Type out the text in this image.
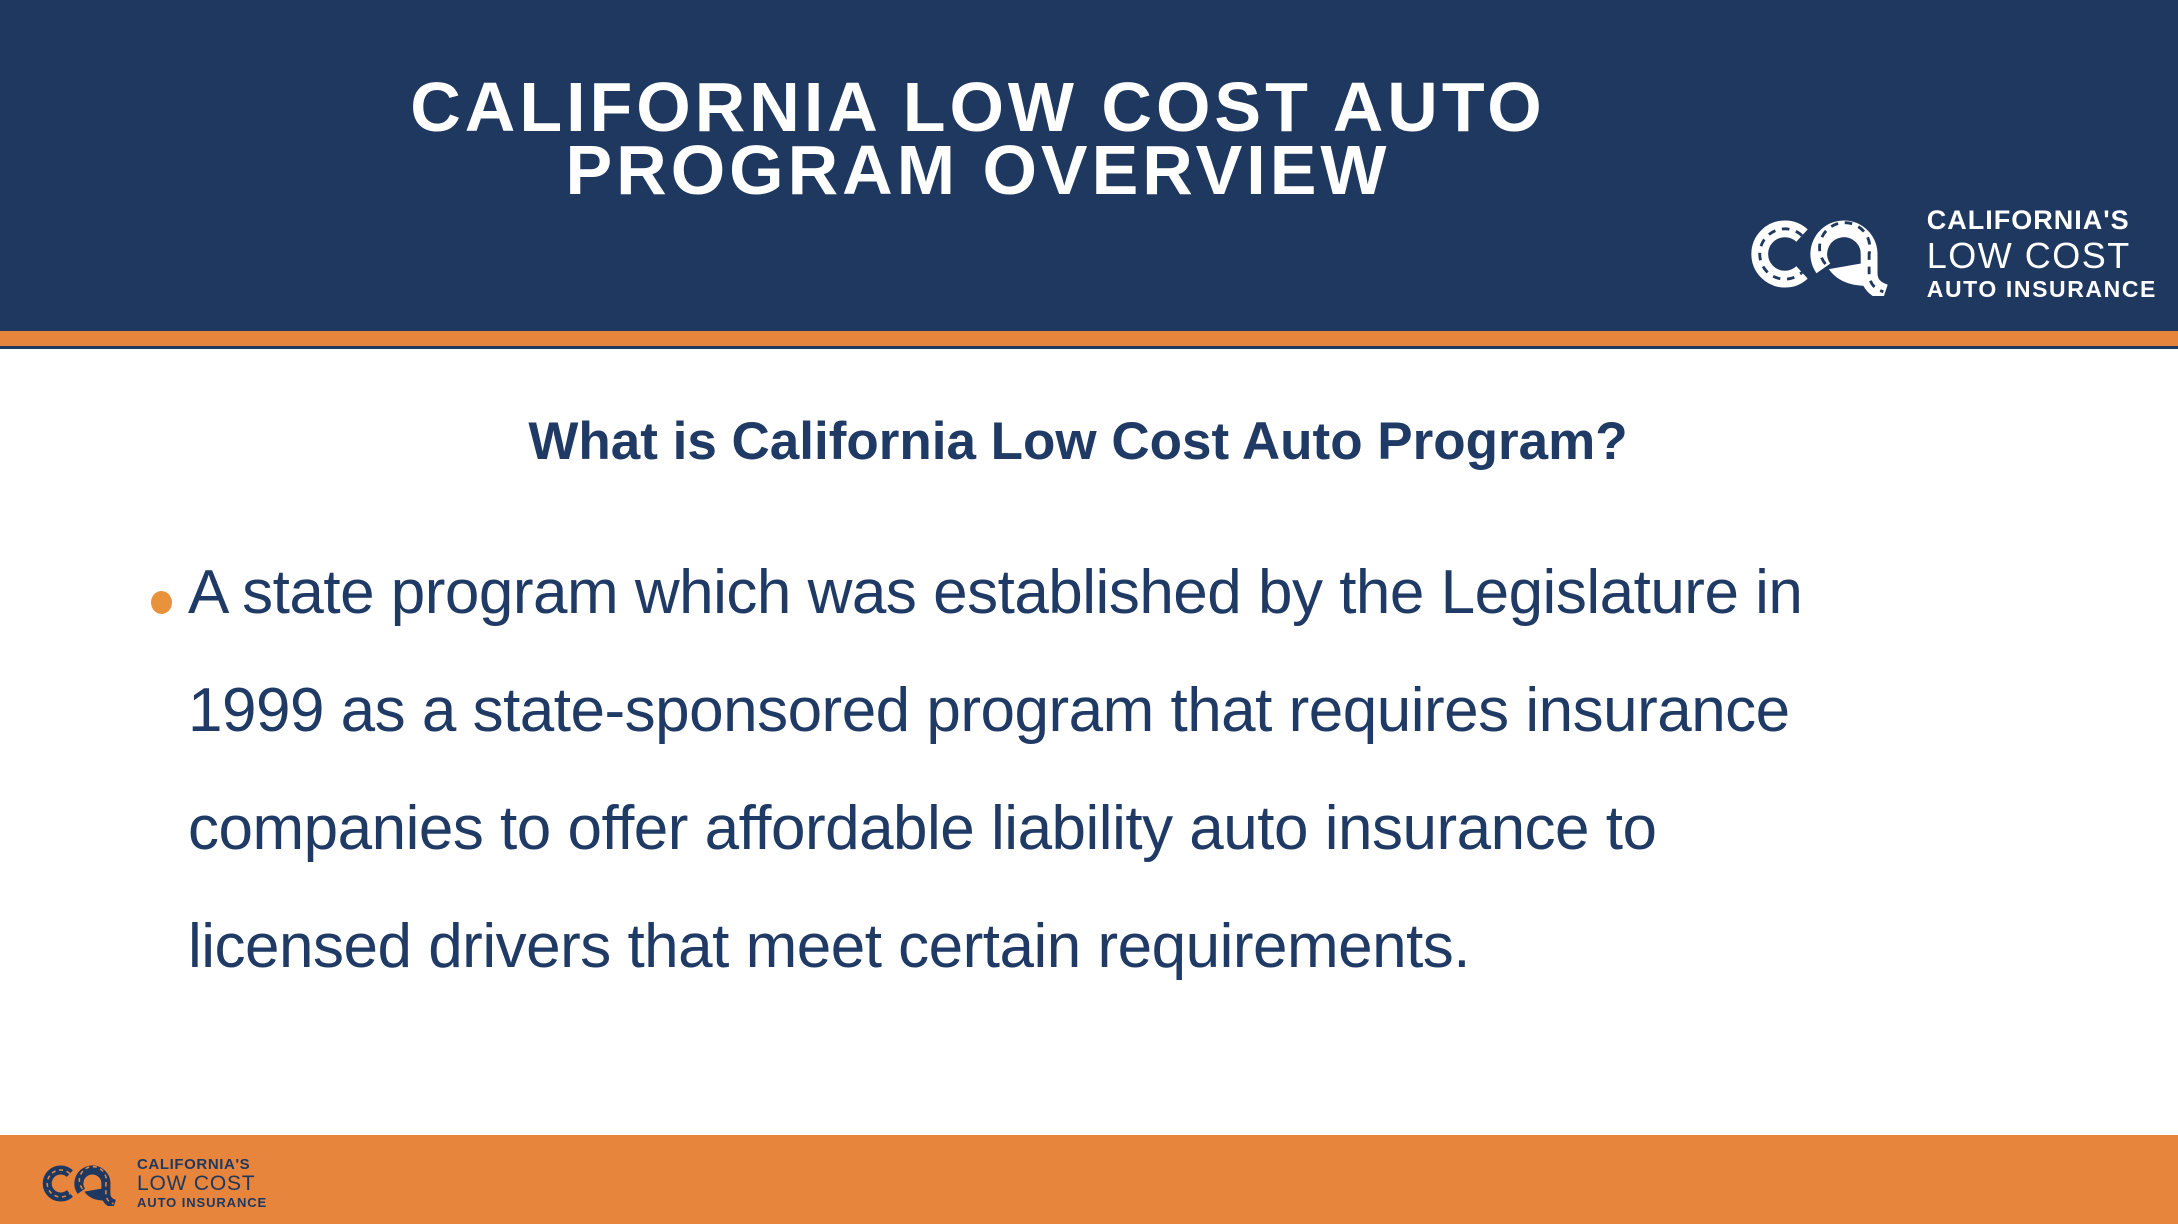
CALIFORNIA LOW COST AUTO
PROGRAM OVERVIEW
CALIFORNIA'S
LOW COST
AUTO INSURANCE
What is California Low Cost Auto Program?
A state program which was established by the Legislature in
1999 as a state-sponsored program that requires insurance
companies to offer affordable liability auto insurance to
licensed drivers that meet certain requirements.
CALIFORNIA'S
LOW COST
AUTO INSURANCE
